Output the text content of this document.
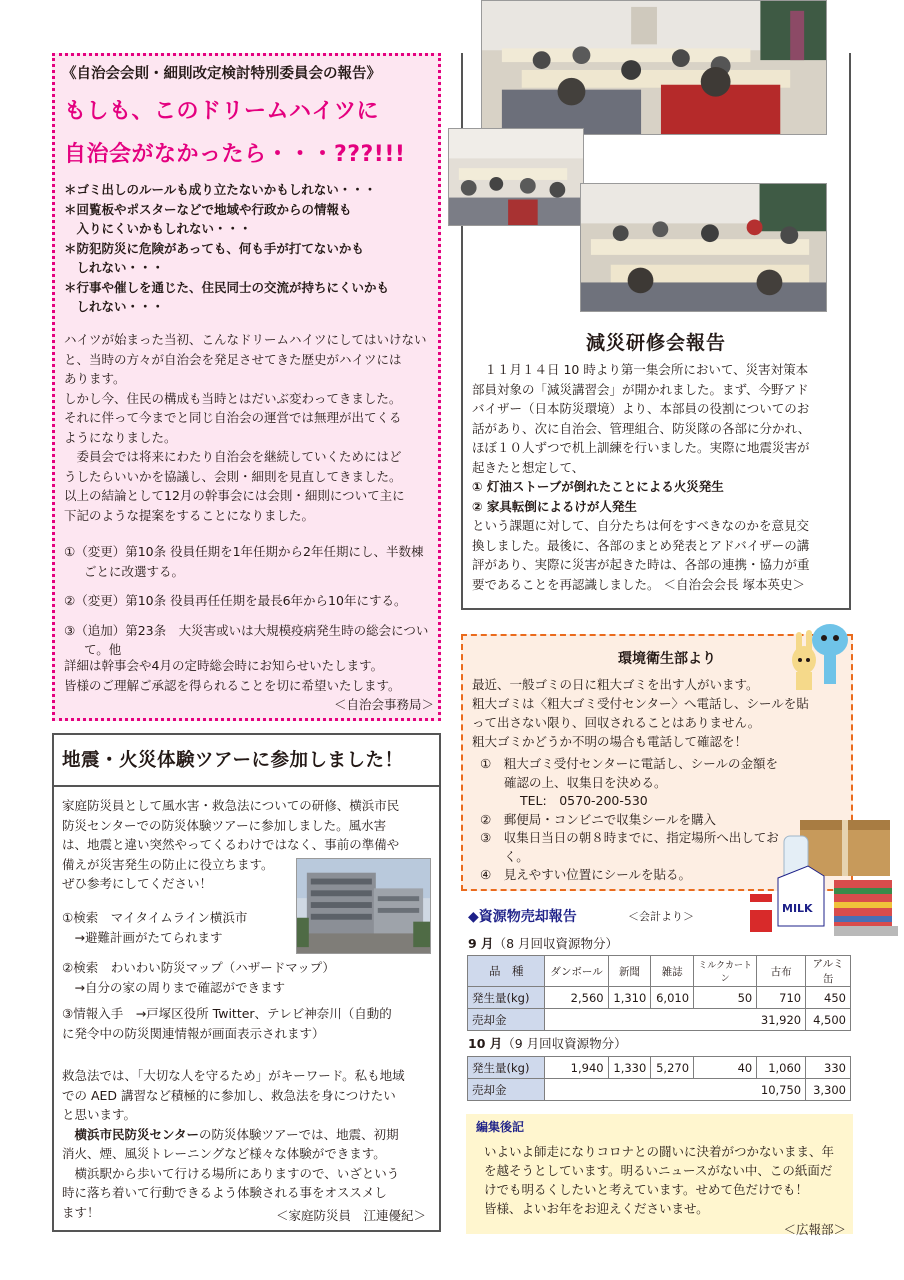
《自治会会則・細則改定検討特別委員会の報告》
もしも、このドリームハイツに
自治会がなかったら・・・???!!!

＊ゴミ出しのルールも成り立たないかもしれない・・・

＊回覧板やポスターなどで地域や行政からの情報も

　入りにくいかもしれない・・・

＊防犯防災に危険があっても、何も手が打てないかも

　しれない・・・

＊行事や催しを通じた、住民同士の交流が持ちにくいかも

　しれない・・・

ハイツが始まった当初、こんなドリームハイツにしてはいけない

と、当時の方々が自治会を発足させてきた歴史がハイツには

あります。

しかし今、住民の構成も当時とはだいぶ変わってきました。

それに伴って今までと同じ自治会の運営では無理が出てくる

ようになりました。

　委員会では将来にわたり自治会を継続していくためにはど

うしたらいいかを協議し、会則・細則を見直してきました。

以上の結論として12月の幹事会には会則・細則について主に

下記のような提案をすることになりました。

①（変更）第10条 役員任期を1年任期から2年任期にし、半数棟ごとに改選する。
②（変更）第10条 役員再任任期を最長6年から10年にする。
③（追加）第23条　大災害或いは大規模疫病発生時の総会について。他

詳細は幹事会や4月の定時総会時にお知らせいたします。

皆様のご理解ご承認を得られることを切に希望いたします。

＜自治会事務局＞

地震・火災体験ツアーに参加しました！

家庭防災員として風水害・救急法についての研修、横浜市民

防災センターでの防災体験ツアーに参加しました。風水害

は、地震と違い突然やってくるわけではなく、事前の準備や

備えが災害発生の防止に役立ちます。

ぜひ参考にしてください！

①検索　マイタイムライン横浜市

　→避難計画がたてられます

②検索　わいわい防災マップ（ハザードマップ）

　→自分の家の周りまで確認ができます

③情報入手　→戸塚区役所 Twitter、テレビ神奈川（自動的

に発令中の防災関連情報が画面表示されます）

救急法では、「大切な人を守るため」がキーワード。私も地域

での AED 講習など積極的に参加し、救急法を身につけたい

と思います。

　横浜市民防災センターの防災体験ツアーでは、地震、初期

消火、煙、風災トレーニングなど様々な体験ができます。

　横浜駅から歩いて行ける場所にありますので、いざという

時に落ち着いて行動できるよう体験される事をオススメし

ます！	＜家庭防災員　江連優紀＞
減災研修会報告

　１１月１４日 10 時より第一集会所において、災害対策本

部員対象の「減災講習会」が開かれました。まず、今野アド

バイザー（日本防災環境）より、本部員の役割についてのお

話があり、次に自治会、管理組合、防災隊の各部に分かれ、

ほぼ１０人ずつで机上訓練を行いました。実際に地震災害が

起きたと想定して、

① 灯油ストーブが倒れたことによる火災発生

② 家具転倒によるけが人発生

という課題に対して、自分たちは何をすべきなのかを意見交

換しました。最後に、各部のまとめ発表とアドバイザーの講

評があり、実際に災害が起きた時は、各部の連携・協力が重

要であることを再認識しました。 ＜自治会会長 塚本英史＞

環境衛生部より

最近、一般ゴミの日に粗大ゴミを出す人がいます。

粗大ゴミは〈粗大ゴミ受付センター〉へ電話し、シールを貼

って出さない限り、回収されることはありません。

粗大ゴミかどうか不明の場合も電話して確認を！

①　粗大ゴミ受付センターに電話し、シールの金額を確認の上、収集日を決める。
TEL:　0570-200-530
②　郵便局・コンビニで収集シールを購入
③　収集日当日の朝８時までに、指定場所へ出しておく。
④　見えやすい位置にシールを貼る。
MILK
◆資源物売却報告	＜会計より＞
9 月（8 月回収資源物分）
品　種	ダンボール	新聞	雑誌	ミルクカートン	古布	アルミ缶
発生量(kg)	2,560	1,310	6,010	50	710	450
売却金	31,920					4,500
10 月（9 月回収資源物分）
発生量(kg)	1,940	1,330	5,270	40	1,060	330
売却金	10,750					3,300
編集後記

いよいよ師走になりコロナとの闘いに決着がつかないまま、年

を越そうとしています。明るいニュースがない中、この紙面だ

けでも明るくしたいと考えています。せめて色だけでも！

皆様、よいお年をお迎えくださいませ。

＜広報部＞
